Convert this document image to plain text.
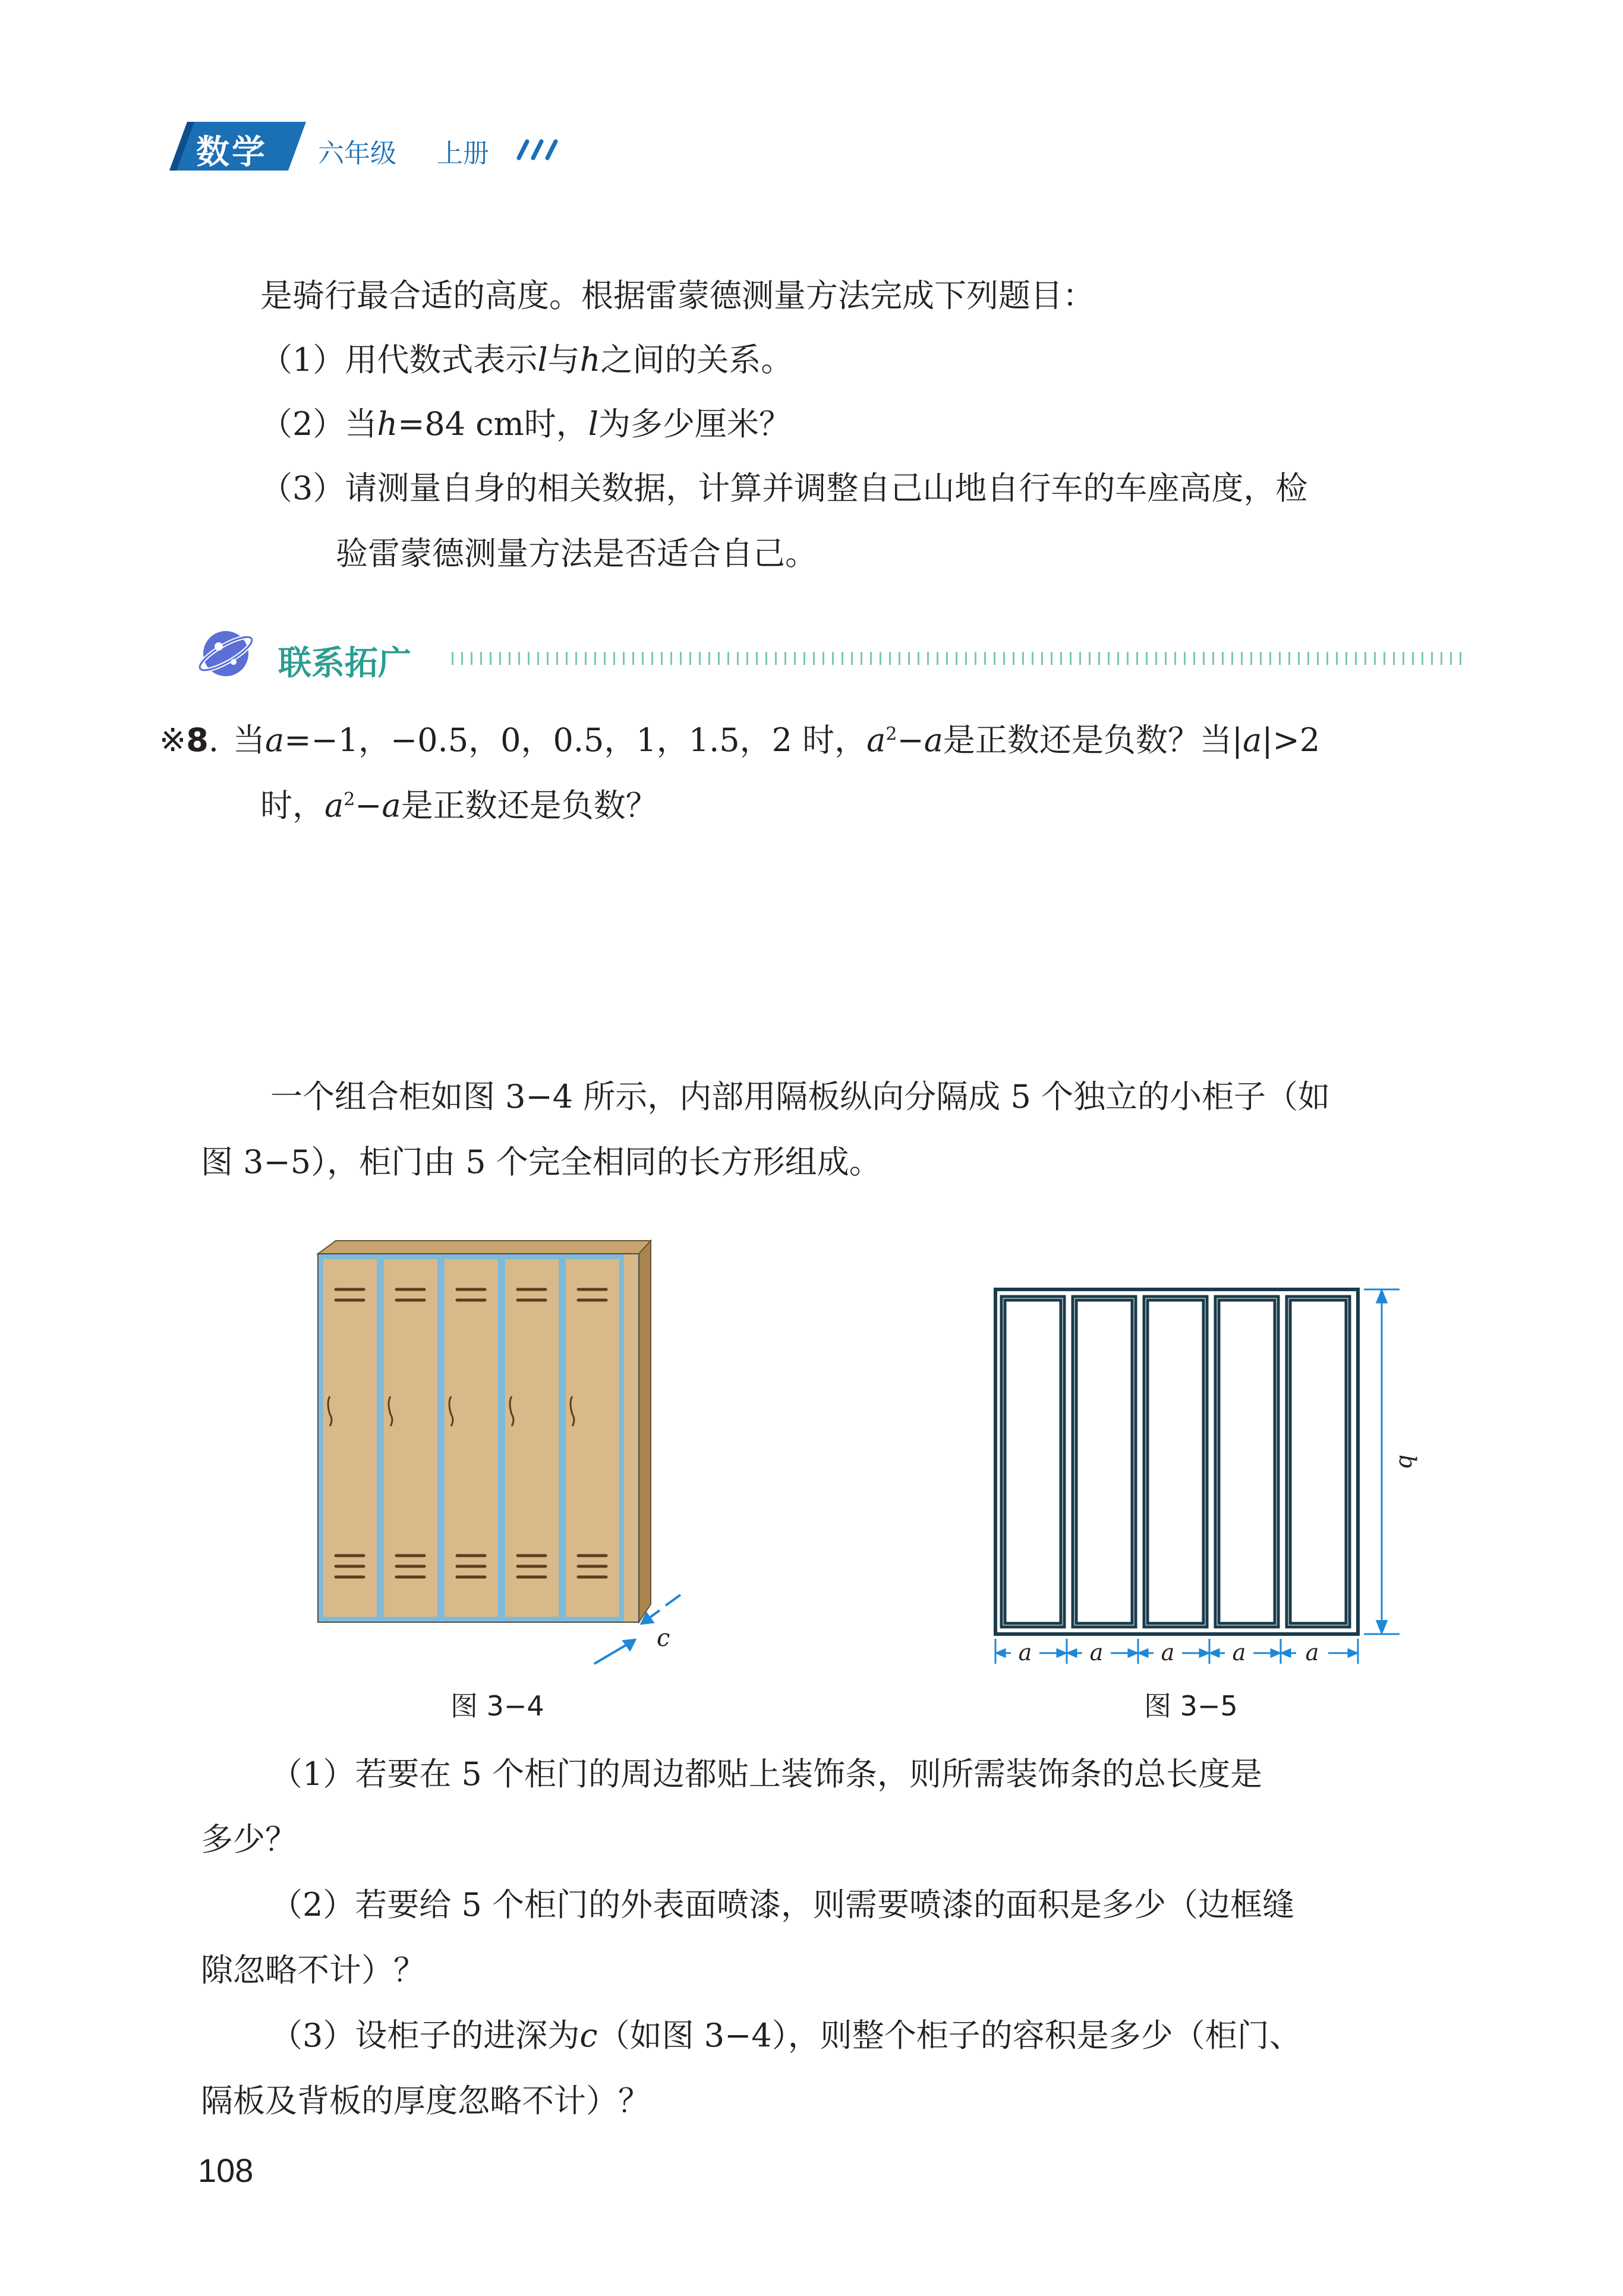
数学 六年级 上册
是骑行最合适的高度。根据雷蒙德测量方法完成下列题目：
（1）用代数式表示l与h之间的关系。
（2）当h=84 cm时，l为多少厘米？
（3）请测量自身的相关数据，计算并调整自己山地自行车的车座高度，检
验雷蒙德测量方法是否适合自己。
联系拓广
※8. 当a=−1，−0.5，0，0.5，1，1.5，2 时，$a^2-a$是正数还是负数？当|a|>2
时，$a^2-a$是正数还是负数？
一个组合柜如图 3−4 所示，内部用隔板纵向分隔成 5 个独立的小柜子（如
图 3−5），柜门由 5 个完全相同的长方形组成。
c
图 3−4
a	a	a	a	a
b
图 3−5
（1）若要在 5 个柜门的周边都贴上装饰条，则所需装饰条的总长度是
多少？
（2）若要给 5 个柜门的外表面喷漆，则需要喷漆的面积是多少（边框缝
隙忽略不计）？
（3）设柜子的进深为c（如图 3−4），则整个柜子的容积是多少（柜门、
隔板及背板的厚度忽略不计）？
108
